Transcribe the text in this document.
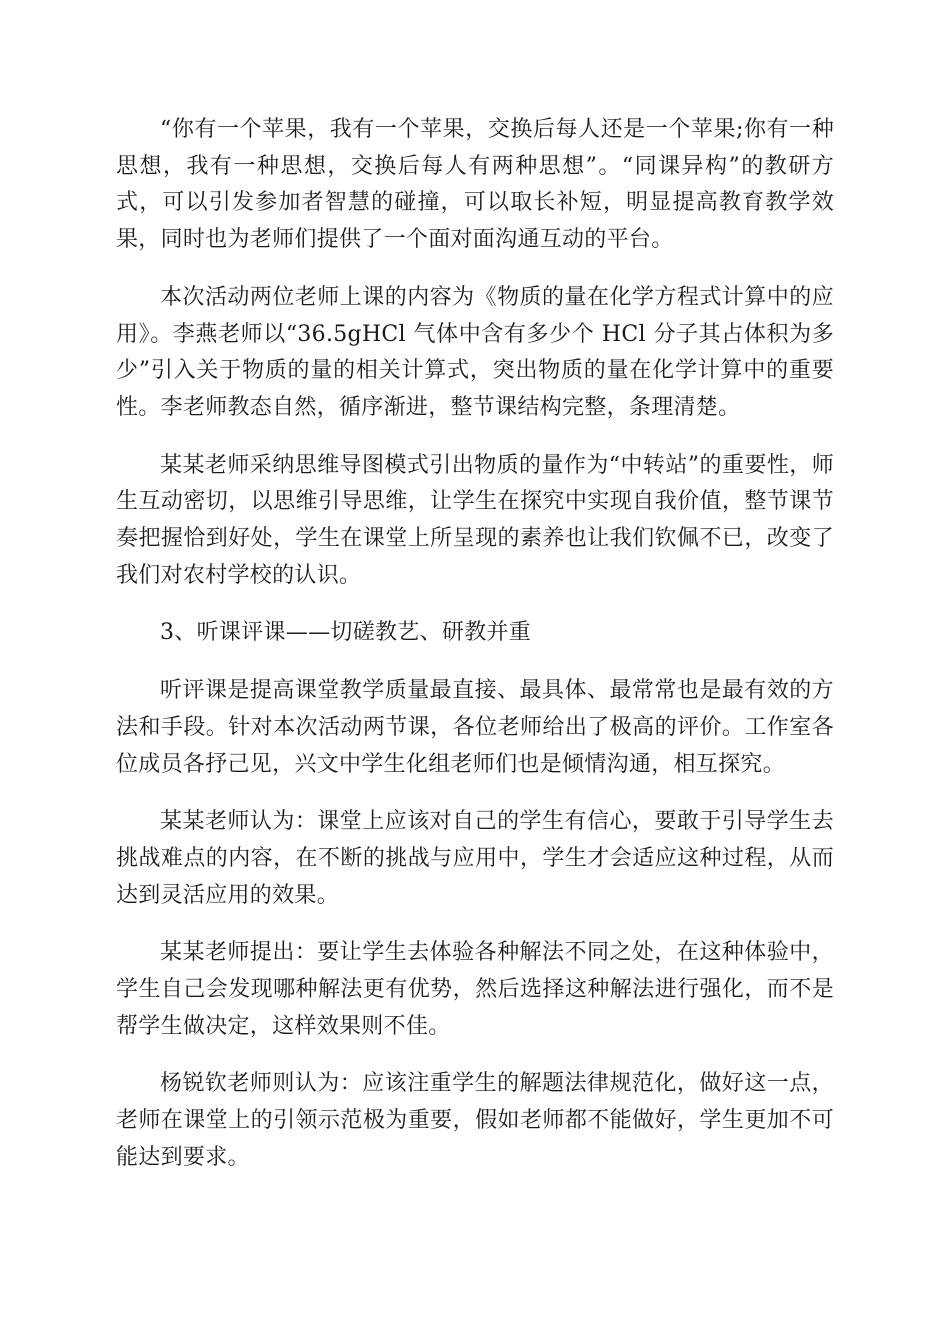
“你有一个苹果，我有一个苹果，交换后每人还是一个苹果;你有一种思想，我有一种思想，交换后每人有两种思想”。“同课异构”的教研方式，可以引发参加者智慧的碰撞，可以取长补短，明显提高教育教学效果，同时也为老师们提供了一个面对面沟通互动的平台。

本次活动两位老师上课的内容为《物质的量在化学方程式计算中的应用》。李燕老师以“36.5gHCl 气体中含有多少个 HCl 分子其占体积为多少”引入关于物质的量的相关计算式，突出物质的量在化学计算中的重要性。李老师教态自然，循序渐进，整节课结构完整，条理清楚。

某某老师采纳思维导图模式引出物质的量作为“中转站”的重要性，师生互动密切，以思维引导思维，让学生在探究中实现自我价值，整节课节奏把握恰到好处，学生在课堂上所呈现的素养也让我们钦佩不已，改变了我们对农村学校的认识。

3、听课评课——切磋教艺、研教并重

听评课是提高课堂教学质量最直接、最具体、最常常也是最有效的方法和手段。针对本次活动两节课，各位老师给出了极高的评价。工作室各位成员各抒己见，兴文中学生化组老师们也是倾情沟通，相互探究。

某某老师认为：课堂上应该对自己的学生有信心，要敢于引导学生去挑战难点的内容，在不断的挑战与应用中，学生才会适应这种过程，从而达到灵活应用的效果。

某某老师提出：要让学生去体验各种解法不同之处，在这种体验中，学生自己会发现哪种解法更有优势，然后选择这种解法进行强化，而不是帮学生做决定，这样效果则不佳。

杨锐钦老师则认为：应该注重学生的解题法律规范化，做好这一点，老师在课堂上的引领示范极为重要，假如老师都不能做好，学生更加不可能达到要求。
